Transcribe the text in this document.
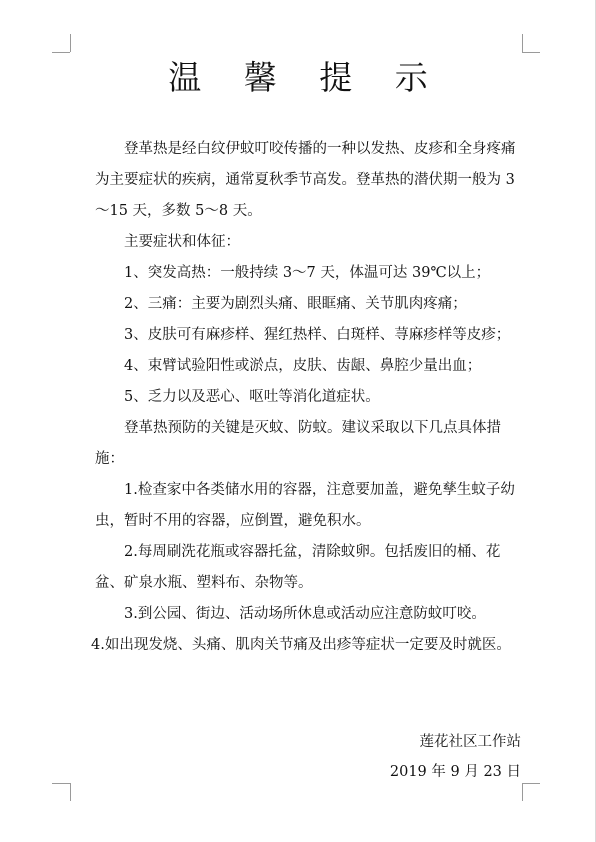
温 馨 提 示

登革热是经白纹伊蚊叮咬传播的一种以发热、皮疹和全身疼痛为主要症状的疾病，通常夏秋季节高发。登革热的潜伏期一般为 3～15 天，多数 5～8 天。

主要症状和体征：

1、突发高热：一般持续 3～7 天，体温可达 39℃以上；

2、三痛：主要为剧烈头痛、眼眶痛、关节肌肉疼痛；

3、皮肤可有麻疹样、猩红热样、白斑样、荨麻疹样等皮疹；

4、束臂试验阳性或淤点，皮肤、齿龈、鼻腔少量出血；

5、乏力以及恶心、呕吐等消化道症状。

登革热预防的关键是灭蚊、防蚊。建议采取以下几点具体措施：

1.检查家中各类储水用的容器，注意要加盖，避免孳生蚊子幼虫，暂时不用的容器，应倒置，避免积水。

2.每周刷洗花瓶或容器托盆，清除蚊卵。包括废旧的桶、花盆、矿泉水瓶、塑料布、杂物等。

3.到公园、街边、活动场所休息或活动应注意防蚊叮咬。

4.如出现发烧、头痛、肌肉关节痛及出疹等症状一定要及时就医。

莲花社区工作站
2019 年 9 月 23 日
